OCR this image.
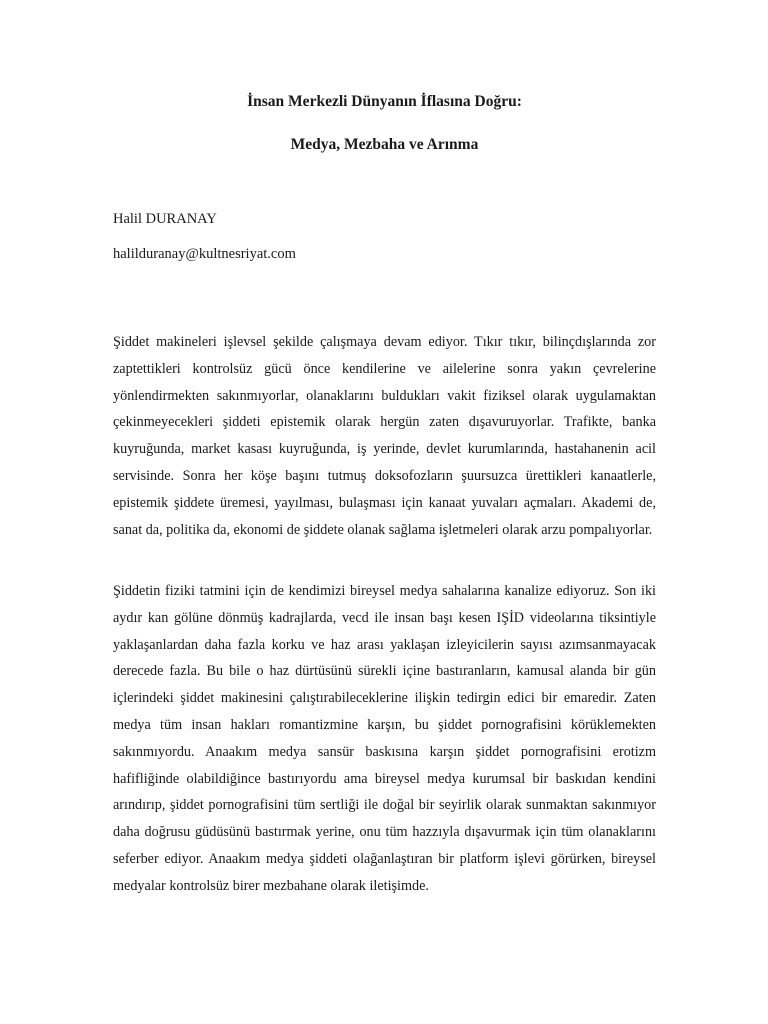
İnsan Merkezli Dünyanın İflasına Doğru:
Medya, Mezbaha ve Arınma

Halil DURANAY

halilduranay@kultnesriyat.com

Şiddet makineleri işlevsel şekilde çalışmaya devam ediyor. Tıkır tıkır, bilinçdışlarında zor zaptettikleri kontrolsüz gücü önce kendilerine ve ailelerine sonra yakın çevrelerine yönlendirmekten sakınmıyorlar, olanaklarını buldukları vakit fiziksel olarak uygulamaktan çekinmeyecekleri şiddeti epistemik olarak hergün zaten dışavuruyorlar. Trafikte, banka kuyruğunda, market kasası kuyruğunda, iş yerinde, devlet kurumlarında, hastahanenin acil servisinde. Sonra her köşe başını tutmuş doksofozların şuursuzca ürettikleri kanaatlerle, epistemik şiddete üremesi, yayılması, bulaşması için kanaat yuvaları açmaları. Akademi de, sanat da, politika da, ekonomi de şiddete olanak sağlama işletmeleri olarak arzu pompalıyorlar.

Şiddetin fiziki tatmini için de kendimizi bireysel medya sahalarına kanalize ediyoruz. Son iki aydır kan gölüne dönmüş kadrajlarda, vecd ile insan başı kesen IŞİD videolarına tiksintiyle yaklaşanlardan daha fazla korku ve haz arası yaklaşan izleyicilerin sayısı azımsanmayacak derecede fazla. Bu bile o haz dürtüsünü sürekli içine bastıranların, kamusal alanda bir gün içlerindeki şiddet makinesini çalıştırabileceklerine ilişkin tedirgin edici bir emaredir. Zaten medya tüm insan hakları romantizmine karşın, bu şiddet pornografisini körüklemekten sakınmıyordu. Anaakım medya sansür baskısına karşın şiddet pornografisini erotizm hafifliğinde olabildiğince bastırıyordu ama bireysel medya kurumsal bir baskıdan kendini arındırıp, şiddet pornografisini tüm sertliği ile doğal bir seyirlik olarak sunmaktan sakınmıyor daha doğrusu güdüsünü bastırmak yerine, onu tüm hazzıyla dışavurmak için tüm olanaklarını seferber ediyor. Anaakım medya şiddeti olağanlaştıran bir platform işlevi görürken, bireysel medyalar kontrolsüz birer mezbahane olarak iletişimde.
